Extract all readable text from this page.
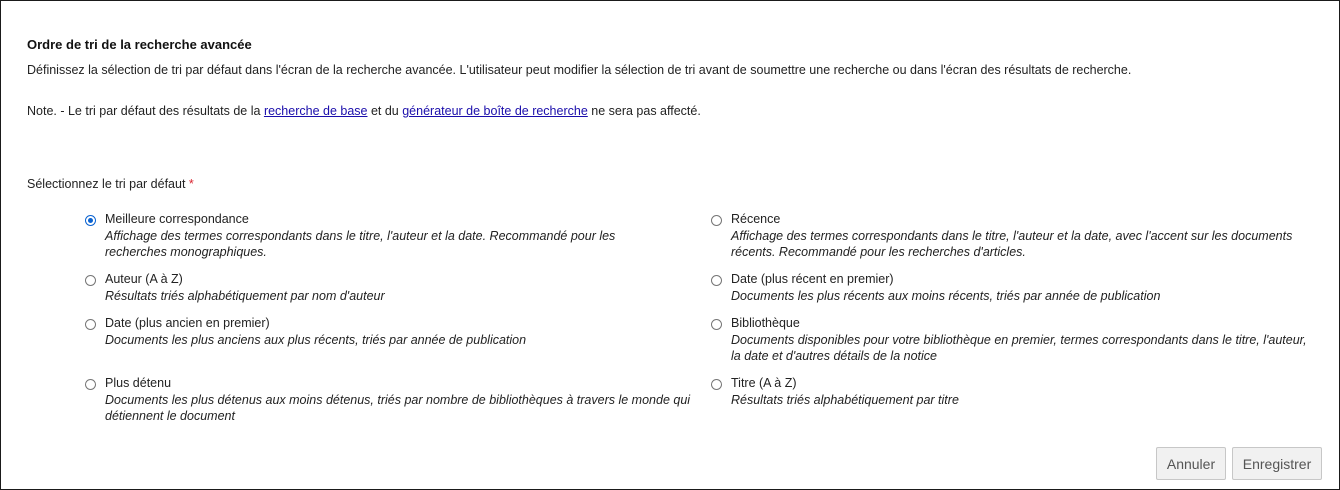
Ordre de tri de la recherche avancée
Définissez la sélection de tri par défaut dans l'écran de la recherche avancée. L'utilisateur peut modifier la sélection de tri avant de soumettre une recherche ou dans l'écran des résultats de recherche.
Note. - Le tri par défaut des résultats de la recherche de base et du générateur de boîte de recherche ne sera pas affecté.
Sélectionnez le tri par défaut *
Meilleure correspondance
Affichage des termes correspondants dans le titre, l'auteur et la date. Recommandé pour les recherches monographiques.
Récence
Affichage des termes correspondants dans le titre, l'auteur et la date, avec l'accent sur les documents récents. Recommandé pour les recherches d'articles.
Auteur (A à Z)
Résultats triés alphabétiquement par nom d'auteur
Date (plus récent en premier)
Documents les plus récents aux moins récents, triés par année de publication
Date (plus ancien en premier)
Documents les plus anciens aux plus récents, triés par année de publication
Bibliothèque
Documents disponibles pour votre bibliothèque en premier, termes correspondants dans le titre, l'auteur, la date et d'autres détails de la notice
Plus détenu
Documents les plus détenus aux moins détenus, triés par nombre de bibliothèques à travers le monde qui détiennent le document
Titre (A à Z)
Résultats triés alphabétiquement par titre
Annuler	Enregistrer
